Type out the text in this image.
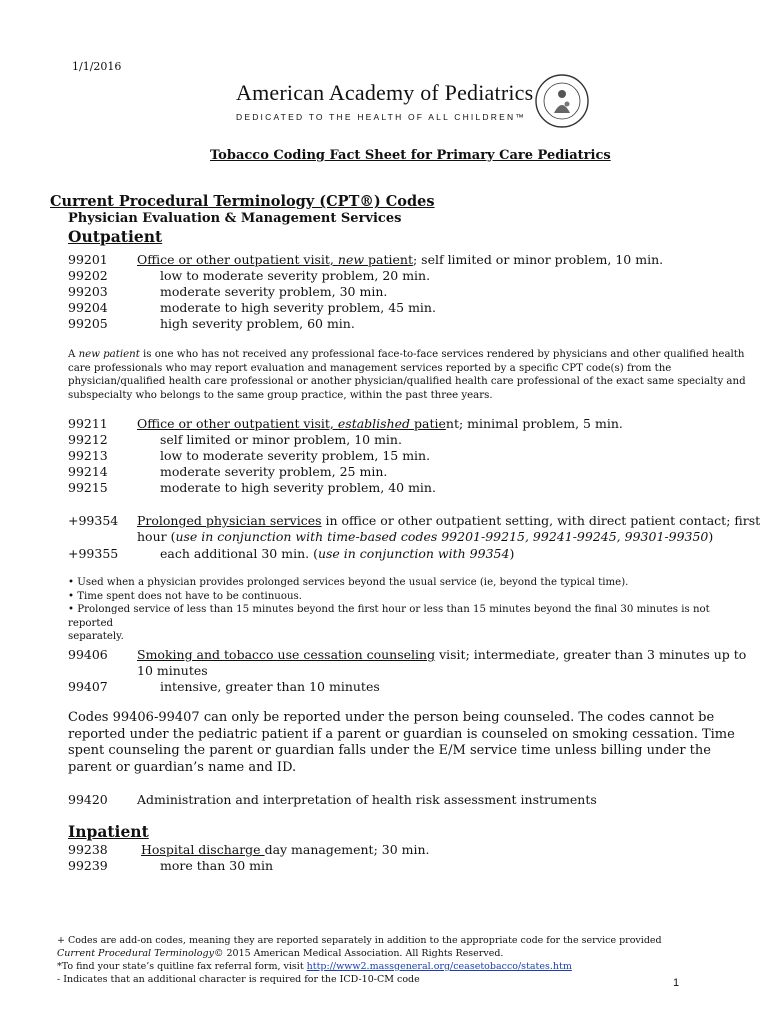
1/1/2016
American Academy of Pediatrics
DEDICATED TO THE HEALTH OF ALL CHILDREN™
Tobacco Coding Fact Sheet for Primary Care Pediatrics
Current Procedural Terminology (CPT®) Codes
Physician Evaluation & Management Services
Outpatient
99201 Office or other outpatient visit, new patient; self limited or minor problem, 10 min.
99202	low to moderate severity problem, 20 min.
99203	moderate severity problem, 30 min.
99204	moderate to high severity problem, 45 min.
99205	high severity problem, 60 min.
A new patient is one who has not received any professional face-to-face services rendered by physicians and other qualified health care professionals who may report evaluation and management services reported by a specific CPT code(s) from the physician/qualified health care professional or another physician/qualified health care professional of the exact same specialty and subspecialty who belongs to the same group practice, within the past three years.
99211 Office or other outpatient visit, established patient; minimal problem, 5 min.
99212	self limited or minor problem, 10 min.
99213	low to moderate severity problem, 15 min.
99214	moderate severity problem, 25 min.
99215	moderate to high severity problem, 40 min.
+99354 Prolonged physician services in office or other outpatient setting, with direct patient contact; first
hour (use in conjunction with time-based codes 99201-99215, 99241-99245, 99301-99350)
+99355	each additional 30 min. (use in conjunction with 99354)
• Used when a physician provides prolonged services beyond the usual service (ie, beyond the typical time).
• Time spent does not have to be continuous.
• Prolonged service of less than 15 minutes beyond the first hour or less than 15 minutes beyond the final 30 minutes is not reported
separately.
99406 Smoking and tobacco use cessation counseling visit; intermediate, greater than 3 minutes up to
10 minutes
99407	intensive, greater than 10 minutes
Codes 99406-99407 can only be reported under the person being counseled. The codes cannot be reported under the pediatric patient if a parent or guardian is counseled on smoking cessation. Time spent counseling the parent or guardian falls under the E/M service time unless billing under the parent or guardian’s name and ID.
99420 Administration and interpretation of health risk assessment instruments
Inpatient
99238	Hospital discharge day management; 30 min.
99239	more than 30 min
+ Codes are add-on codes, meaning they are reported separately in addition to the appropriate code for the service provided
Current Procedural Terminology© 2015 American Medical Association. All Rights Reserved.
*To find your state’s quitline fax referral form, visit http://www2.massgeneral.org/ceasetobacco/states.htm
- Indicates that an additional character is required for the ICD-10-CM code	1
